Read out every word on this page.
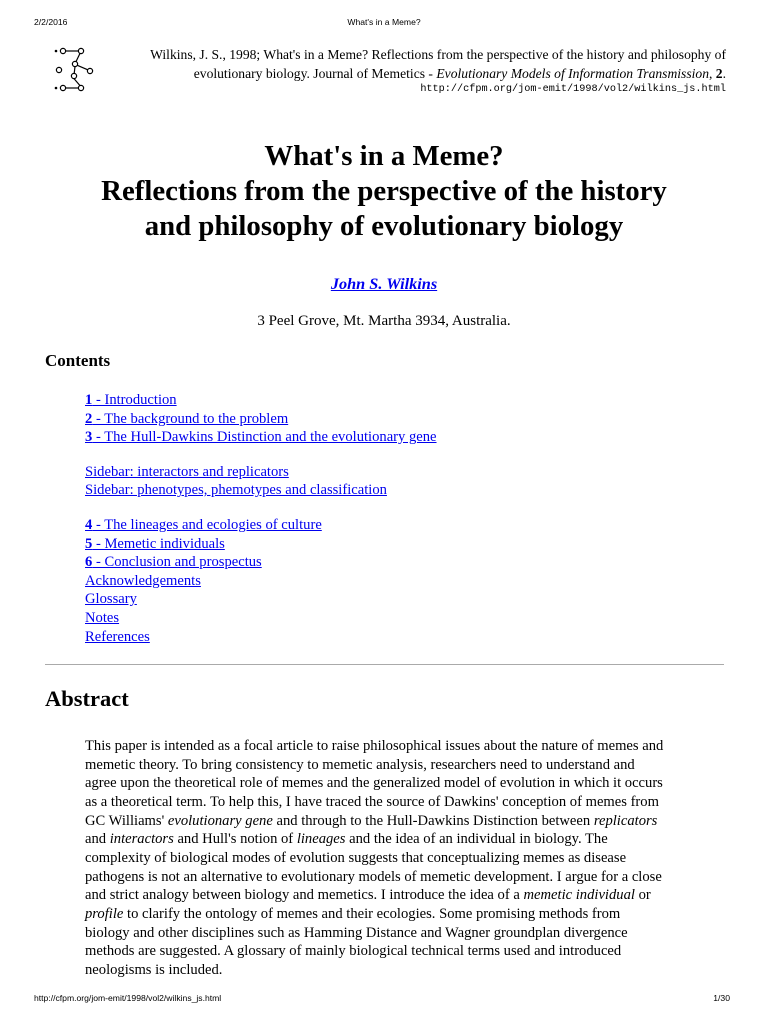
2/2/2016	What's in a Meme?
Wilkins, J. S., 1998; What's in a Meme? Reflections from the perspective of the history and philosophy of
evolutionary biology. Journal of Memetics - Evolutionary Models of Information Transmission, 2.
http://cfpm.org/jom-emit/1998/vol2/wilkins_js.html
What's in a Meme?
Reflections from the perspective of the history
and philosophy of evolutionary biology
John S. Wilkins
3 Peel Grove, Mt. Martha 3934, Australia.
Contents
1 - Introduction
2 - The background to the problem
3 - The Hull-Dawkins Distinction and the evolutionary gene
Sidebar: interactors and replicators
Sidebar: phenotypes, phemotypes and classification
4 - The lineages and ecologies of culture
5 - Memetic individuals
6 - Conclusion and prospectus
Acknowledgements
Glossary
Notes
References
Abstract

This paper is intended as a focal article to raise philosophical issues about the nature of memes and
memetic theory. To bring consistency to memetic analysis, researchers need to understand and
agree upon the theoretical role of memes and the generalized model of evolution in which it occurs
as a theoretical term. To help this, I have traced the source of Dawkins' conception of memes from
GC Williams' evolutionary gene and through to the Hull-Dawkins Distinction between replicators
and interactors and Hull's notion of lineages and the idea of an individual in biology. The
complexity of biological modes of evolution suggests that conceptualizing memes as disease
pathogens is not an alternative to evolutionary models of memetic development. I argue for a close
and strict analogy between biology and memetics. I introduce the idea of a memetic individual or
profile to clarify the ontology of memes and their ecologies. Some promising methods from
biology and other disciplines such as Hamming Distance and Wagner groundplan divergence
methods are suggested. A glossary of mainly biological technical terms used and introduced
neologisms is included.

http://cfpm.org/jom-emit/1998/vol2/wilkins_js.html	1/30
